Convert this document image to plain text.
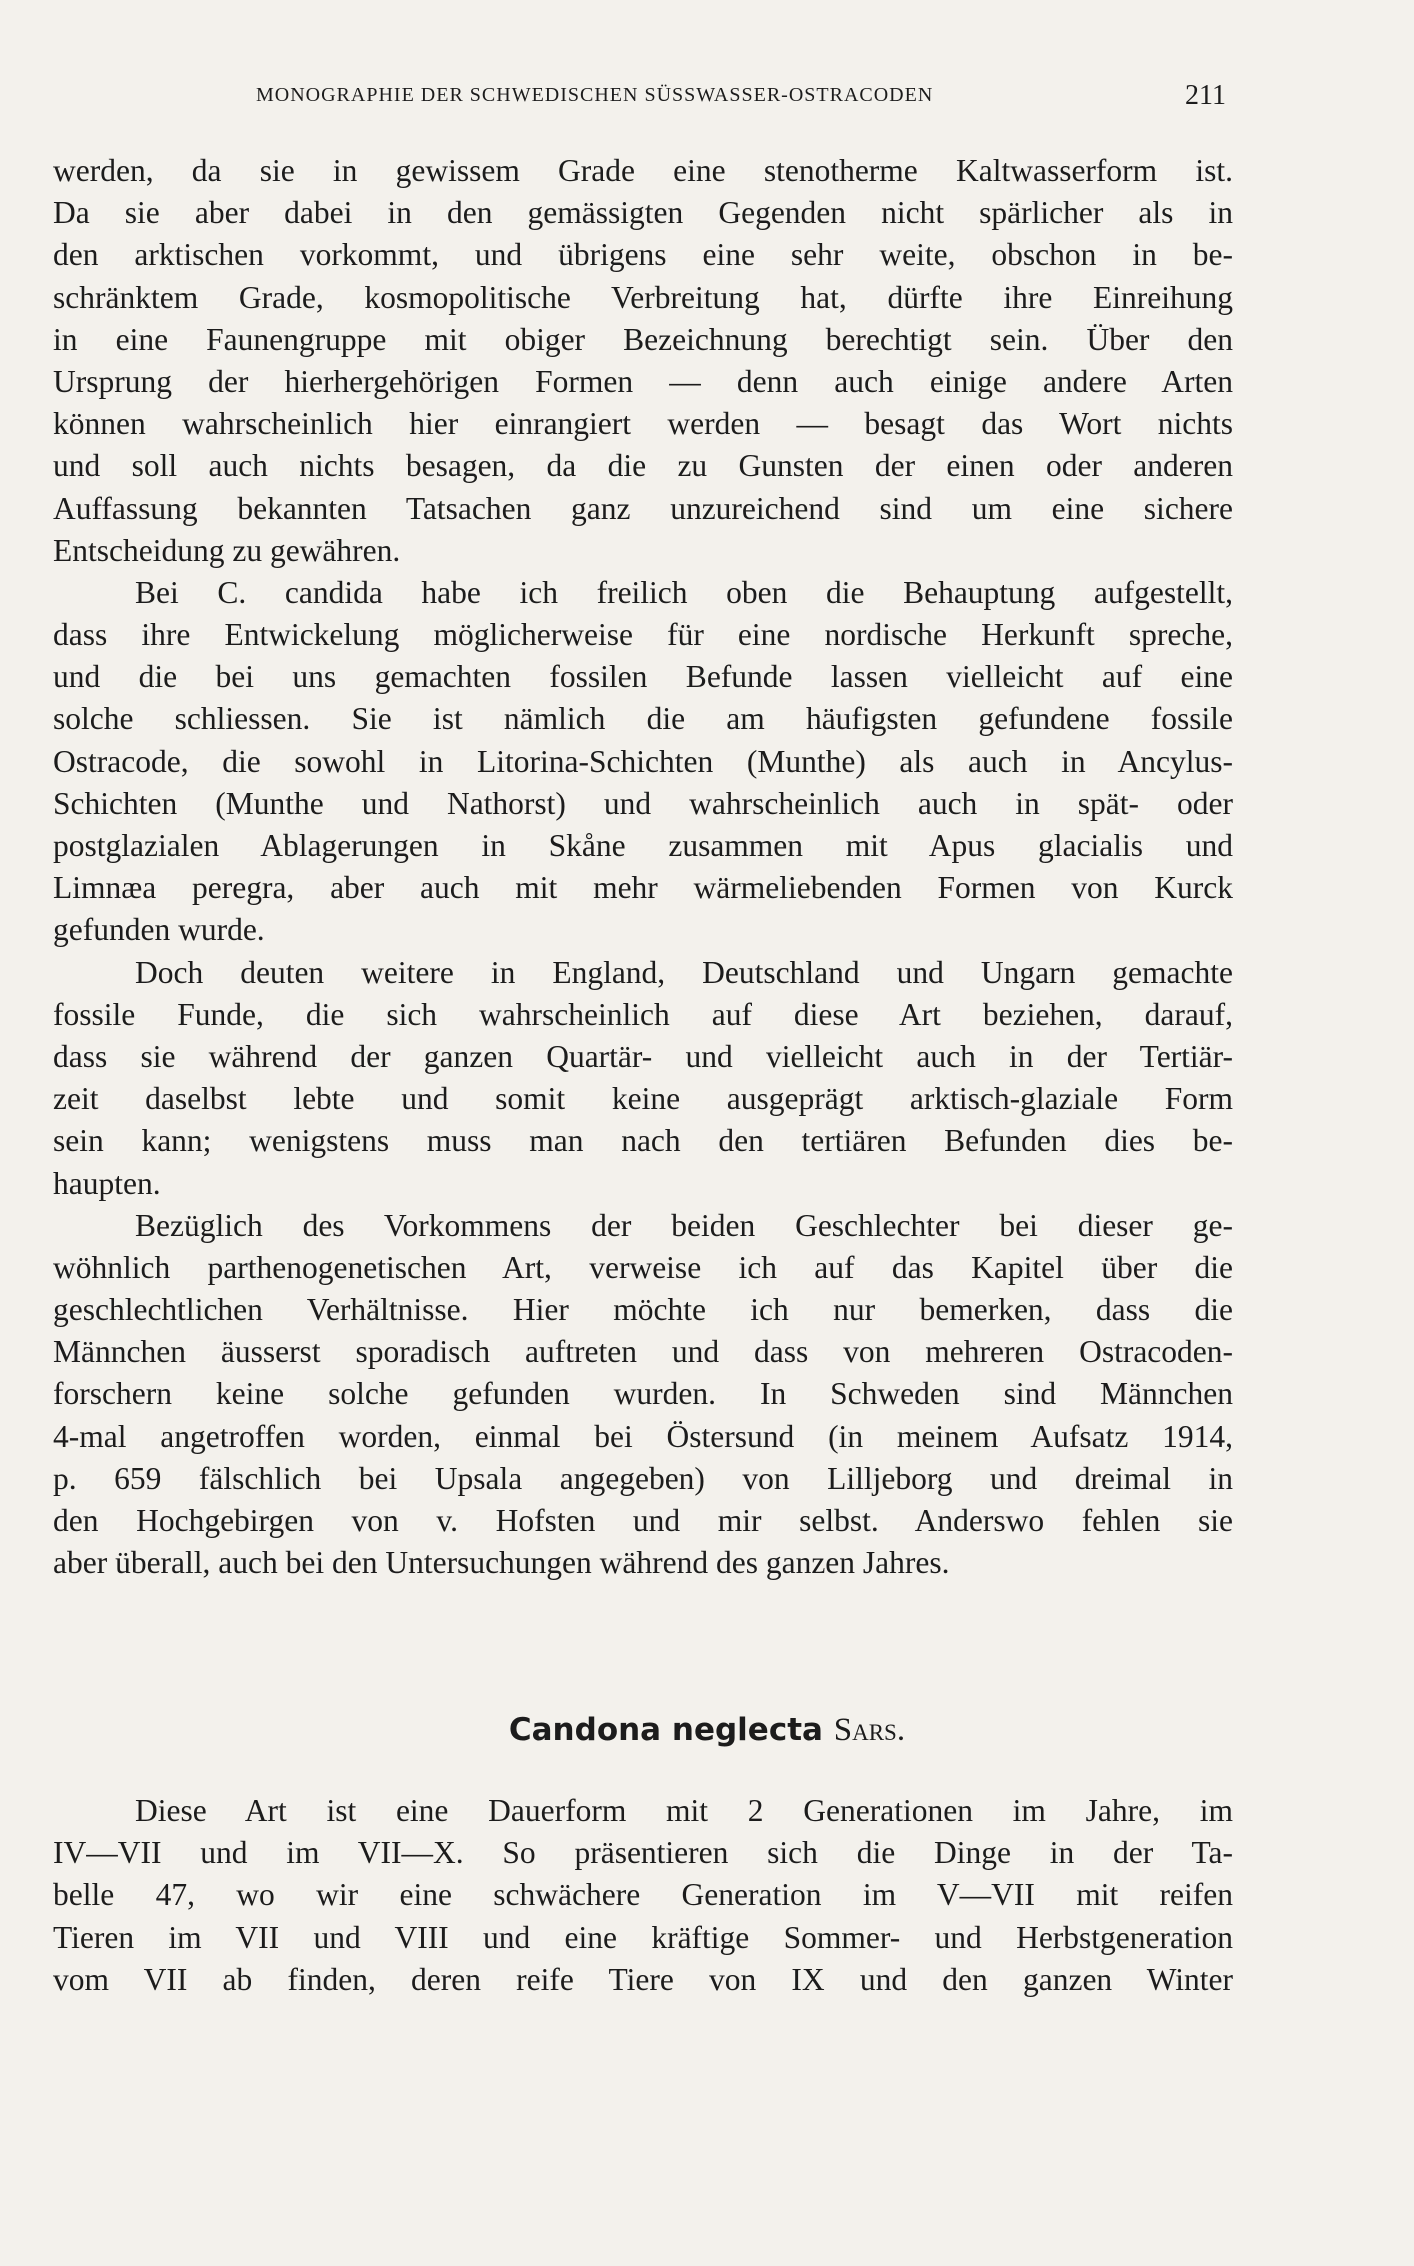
MONOGRAPHIE DER SCHWEDISCHEN SÜSSWASSER-OSTRACODEN	211
werden, da sie in gewissem Grade eine stenotherme Kaltwasserform ist.
Da sie aber dabei in den gemässigten Gegenden nicht spärlicher als in
den arktischen vorkommt, und übrigens eine sehr weite, obschon in be-
schränktem Grade, kosmopolitische Verbreitung hat, dürfte ihre Einreihung
in eine Faunengruppe mit obiger Bezeichnung berechtigt sein. Über den
Ursprung der hierhergehörigen Formen — denn auch einige andere Arten
können wahrscheinlich hier einrangiert werden — besagt das Wort nichts
und soll auch nichts besagen, da die zu Gunsten der einen oder anderen
Auffassung bekannten Tatsachen ganz unzureichend sind um eine sichere
Entscheidung zu gewähren.
Bei C. candida habe ich freilich oben die Behauptung aufgestellt,
dass ihre Entwickelung möglicherweise für eine nordische Herkunft spreche,
und die bei uns gemachten fossilen Befunde lassen vielleicht auf eine
solche schliessen. Sie ist nämlich die am häufigsten gefundene fossile
Ostracode, die sowohl in Litorina-Schichten (Munthe) als auch in Ancylus-
Schichten (Munthe und Nathorst) und wahrscheinlich auch in spät- oder
postglazialen Ablagerungen in Skåne zusammen mit Apus glacialis und
Limnæa peregra, aber auch mit mehr wärmeliebenden Formen von Kurck
gefunden wurde.
Doch deuten weitere in England, Deutschland und Ungarn gemachte
fossile Funde, die sich wahrscheinlich auf diese Art beziehen, darauf,
dass sie während der ganzen Quartär- und vielleicht auch in der Tertiär-
zeit daselbst lebte und somit keine ausgeprägt arktisch-glaziale Form
sein kann; wenigstens muss man nach den tertiären Befunden dies be-
haupten.
Bezüglich des Vorkommens der beiden Geschlechter bei dieser ge-
wöhnlich parthenogenetischen Art, verweise ich auf das Kapitel über die
geschlechtlichen Verhältnisse. Hier möchte ich nur bemerken, dass die
Männchen äusserst sporadisch auftreten und dass von mehreren Ostracoden-
forschern keine solche gefunden wurden. In Schweden sind Männchen
4-mal angetroffen worden, einmal bei Östersund (in meinem Aufsatz 1914,
p. 659 fälschlich bei Upsala angegeben) von Lilljeborg und dreimal in
den Hochgebirgen von v. Hofsten und mir selbst. Anderswo fehlen sie
aber überall, auch bei den Untersuchungen während des ganzen Jahres.
Candona neglecta Sars.
Diese Art ist eine Dauerform mit 2 Generationen im Jahre, im
IV—VII und im VII—X. So präsentieren sich die Dinge in der Ta-
belle 47, wo wir eine schwächere Generation im V—VII mit reifen
Tieren im VII und VIII und eine kräftige Sommer- und Herbstgeneration
vom VII ab finden, deren reife Tiere von IX und den ganzen Winter
